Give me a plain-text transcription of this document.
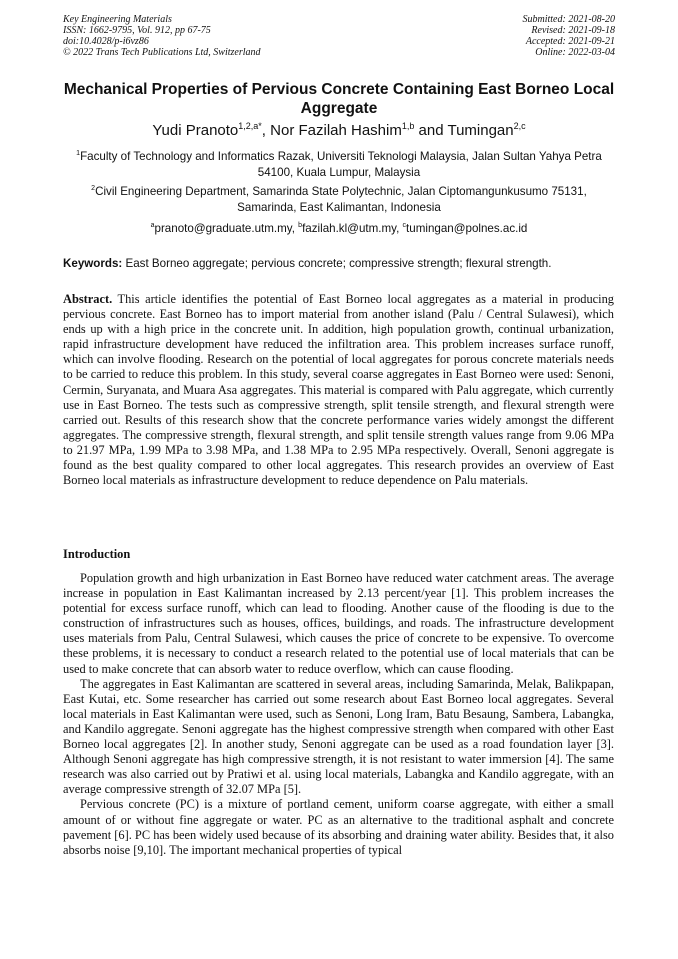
Key Engineering Materials
ISSN: 1662-9795, Vol. 912, pp 67-75
doi:10.4028/p-i6vz86
© 2022 Trans Tech Publications Ltd, Switzerland
Submitted: 2021-08-20
Revised: 2021-09-18
Accepted: 2021-09-21
Online: 2022-03-04
Mechanical Properties of Pervious Concrete Containing East Borneo Local Aggregate
Yudi Pranoto$^{1,2,a*}$, Nor Fazilah Hashim$^{1,b}$ and Tumingan$^{2,c}$
$^1$Faculty of Technology and Informatics Razak, Universiti Teknologi Malaysia, Jalan Sultan Yahya Petra 54100, Kuala Lumpur, Malaysia
$^2$Civil Engineering Department, Samarinda State Polytechnic, Jalan Ciptomangunkusumo 75131, Samarinda, East Kalimantan, Indonesia
$^a$pranoto@graduate.utm.my, $^b$fazilah.kl@utm.my, $^c$tumingan@polnes.ac.id
Keywords: East Borneo aggregate; pervious concrete; compressive strength; flexural strength.
Abstract. This article identifies the potential of East Borneo local aggregates as a material in producing pervious concrete. East Borneo has to import material from another island (Palu / Central Sulawesi), which ends up with a high price in the concrete unit. In addition, high population growth, continual urbanization, rapid infrastructure development have reduced the infiltration area. This problem increases surface runoff, which can involve flooding. Research on the potential of local aggregates for porous concrete materials needs to be carried to reduce this problem. In this study, several coarse aggregates in East Borneo were used: Senoni, Cermin, Suryanata, and Muara Asa aggregates. This material is compared with Palu aggregate, which currently use in East Borneo. The tests such as compressive strength, split tensile strength, and flexural strength were carried out. Results of this research show that the concrete performance varies widely amongst the different aggregates. The compressive strength, flexural strength, and split tensile strength values range from 9.06 MPa to 21.97 MPa, 1.99 MPa to 3.98 MPa, and 1.38 MPa to 2.95 MPa respectively. Overall, Senoni aggregate is found as the best quality compared to other local aggregates. This research provides an overview of East Borneo local materials as infrastructure development to reduce dependence on Palu materials.
Introduction

Population growth and high urbanization in East Borneo have reduced water catchment areas. The average increase in population in East Kalimantan increased by 2.13 percent/year [1]. This problem increases the potential for excess surface runoff, which can lead to flooding. Another cause of the flooding is due to the construction of infrastructures such as houses, offices, buildings, and roads. The infrastructure development uses materials from Palu, Central Sulawesi, which causes the price of concrete to be expensive. To overcome these problems, it is necessary to conduct a research related to the potential use of local materials that can be used to make concrete that can absorb water to reduce overflow, which can cause flooding.

The aggregates in East Kalimantan are scattered in several areas, including Samarinda, Melak, Balikpapan, East Kutai, etc. Some researcher has carried out some research about East Borneo local aggregates. Several local materials in East Kalimantan were used, such as Senoni, Long Iram, Batu Besaung, Sambera, Labangka, and Kandilo aggregate. Senoni aggregate has the highest compressive strength when compared with other East Borneo local aggregates [2]. In another study, Senoni aggregate can be used as a road foundation layer [3]. Although Senoni aggregate has high compressive strength, it is not resistant to water immersion [4]. The same research was also carried out by Pratiwi et al. using local materials, Labangka and Kandilo aggregate, with an average compressive strength of 32.07 MPa [5].

Pervious concrete (PC) is a mixture of portland cement, uniform coarse aggregate, with either a small amount of or without fine aggregate or water. PC as an alternative to the traditional asphalt and concrete pavement [6]. PC has been widely used because of its absorbing and draining water ability. Besides that, it also absorbs noise [9,10]. The important mechanical properties of typical
